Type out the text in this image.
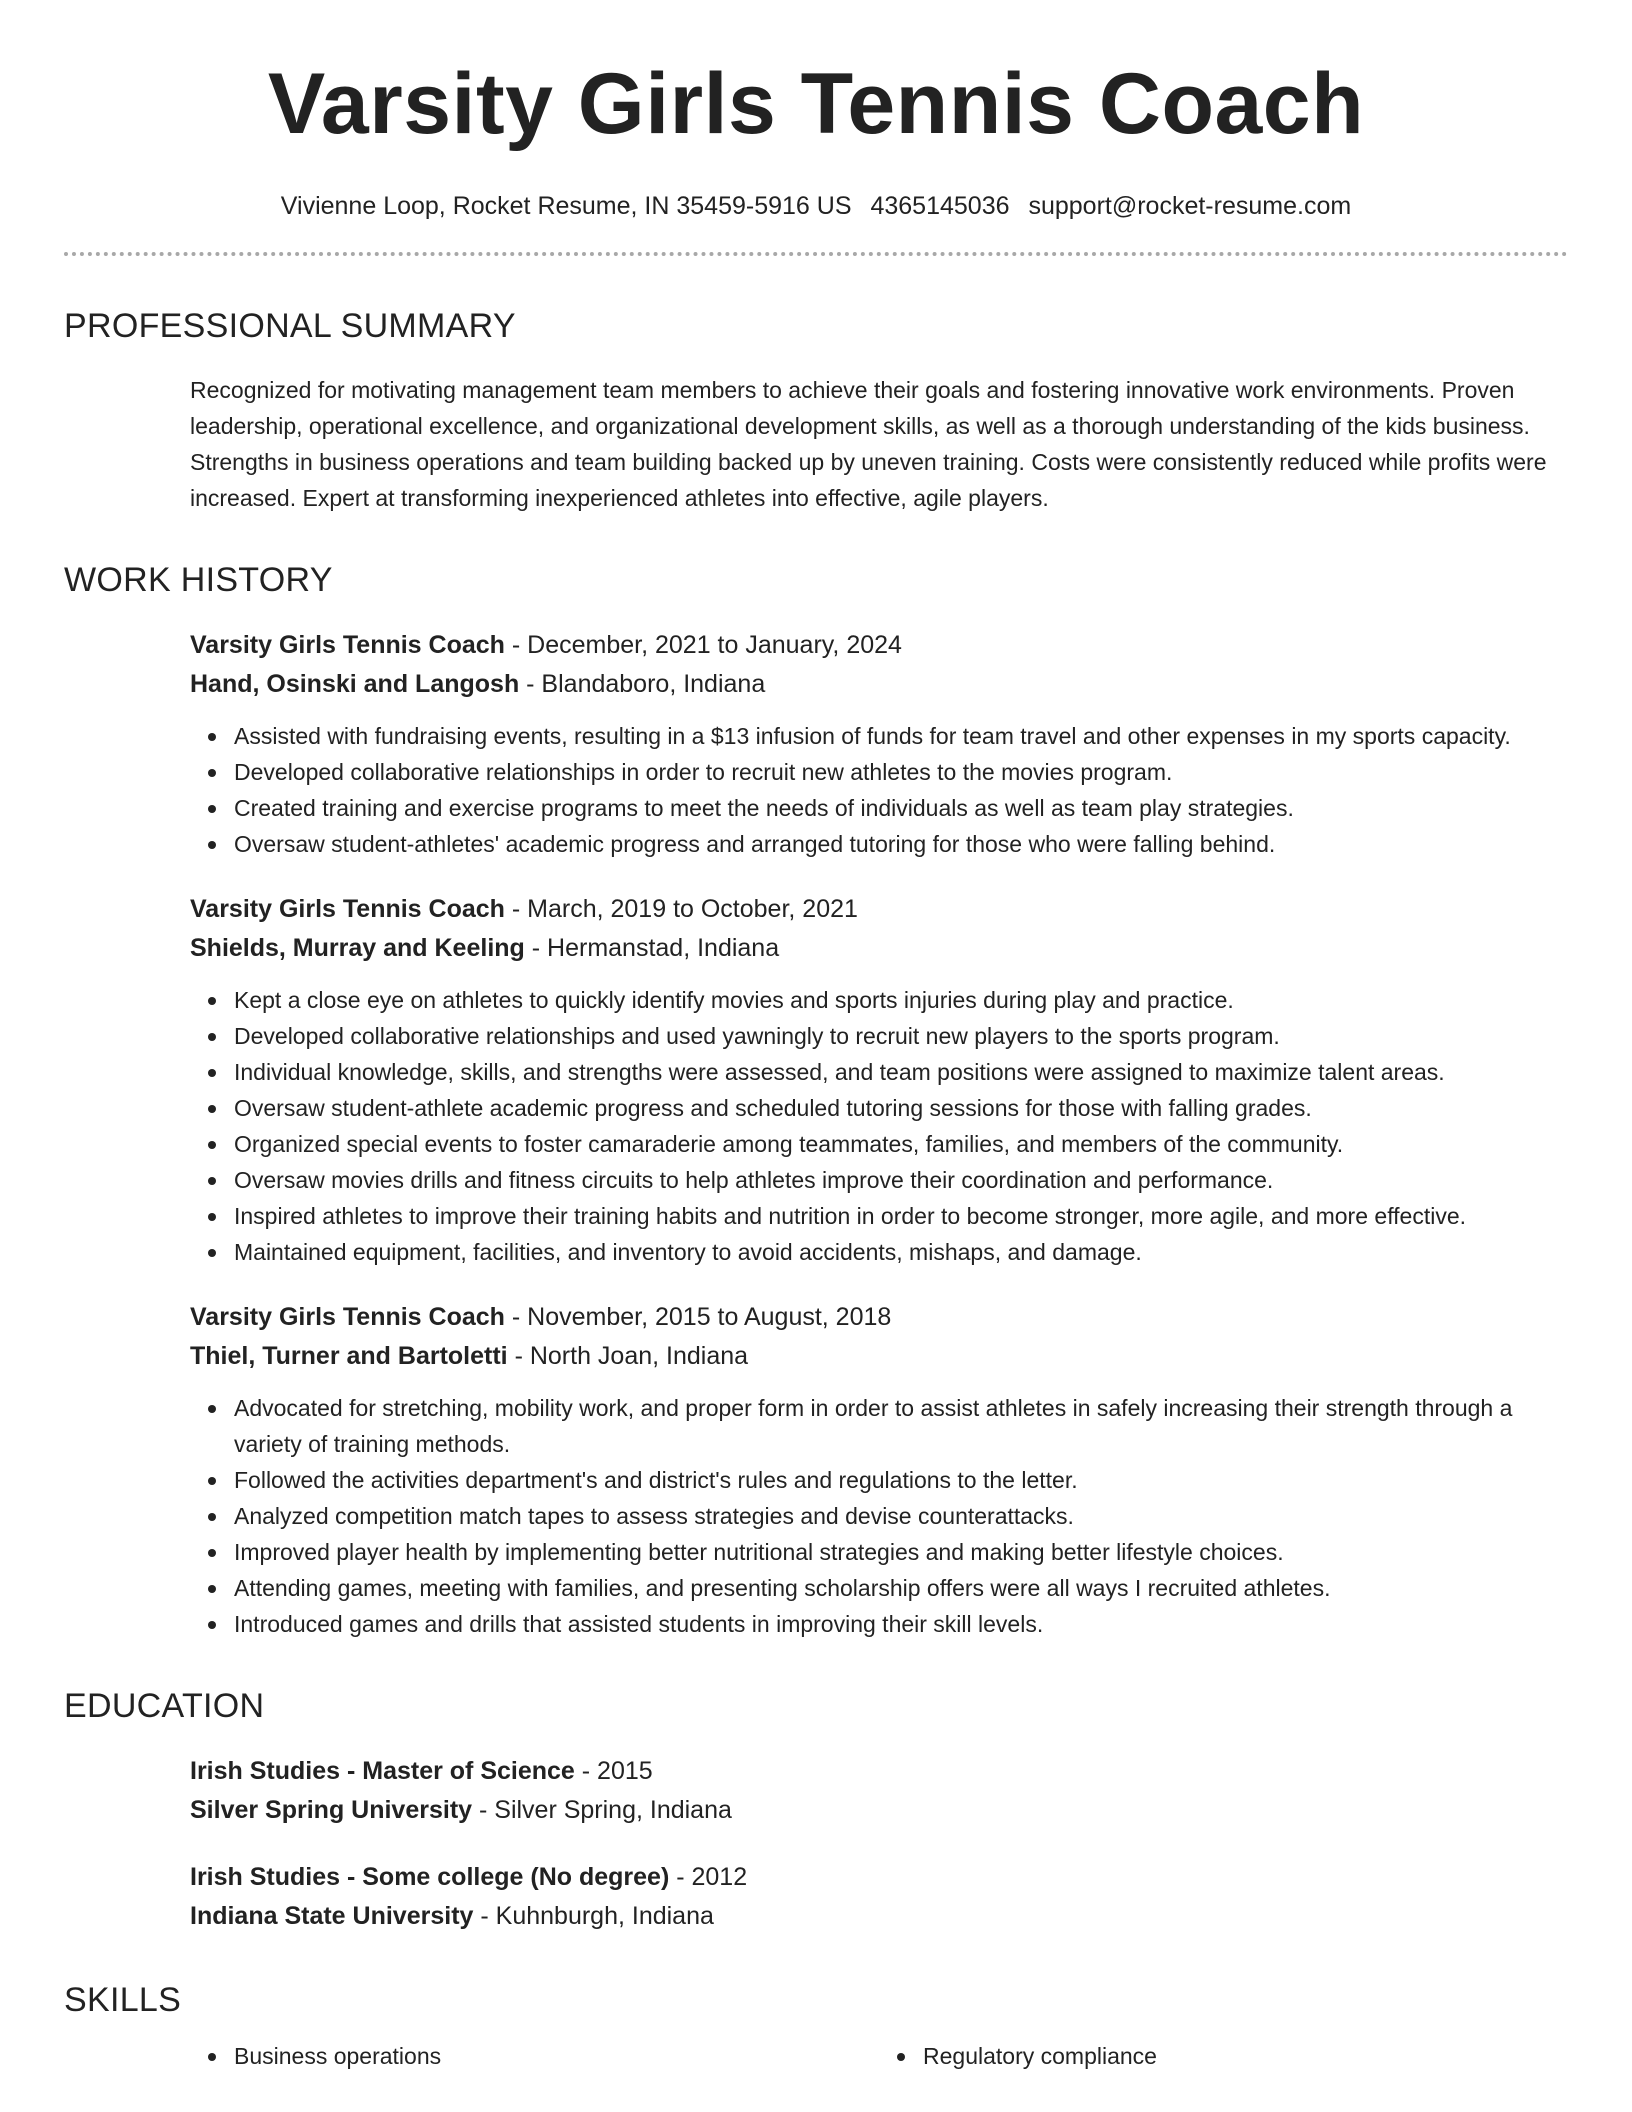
Varsity Girls Tennis Coach
Vivienne Loop, Rocket Resume, IN 35459-5916 US 4365145036 support@rocket-resume.com
PROFESSIONAL SUMMARY
Recognized for motivating management team members to achieve their goals and fostering innovative work environments. Proven leadership, operational excellence, and organizational development skills, as well as a thorough understanding of the kids business. Strengths in business operations and team building backed up by uneven training. Costs were consistently reduced while profits were increased. Expert at transforming inexperienced athletes into effective, agile players.
WORK HISTORY
Varsity Girls Tennis Coach - December, 2021 to January, 2024
Hand, Osinski and Langosh - Blandaboro, Indiana
Assisted with fundraising events, resulting in a $13 infusion of funds for team travel and other expenses in my sports capacity.
Developed collaborative relationships in order to recruit new athletes to the movies program.
Created training and exercise programs to meet the needs of individuals as well as team play strategies.
Oversaw student-athletes' academic progress and arranged tutoring for those who were falling behind.
Varsity Girls Tennis Coach - March, 2019 to October, 2021
Shields, Murray and Keeling - Hermanstad, Indiana
Kept a close eye on athletes to quickly identify movies and sports injuries during play and practice.
Developed collaborative relationships and used yawningly to recruit new players to the sports program.
Individual knowledge, skills, and strengths were assessed, and team positions were assigned to maximize talent areas.
Oversaw student-athlete academic progress and scheduled tutoring sessions for those with falling grades.
Organized special events to foster camaraderie among teammates, families, and members of the community.
Oversaw movies drills and fitness circuits to help athletes improve their coordination and performance.
Inspired athletes to improve their training habits and nutrition in order to become stronger, more agile, and more effective.
Maintained equipment, facilities, and inventory to avoid accidents, mishaps, and damage.
Varsity Girls Tennis Coach - November, 2015 to August, 2018
Thiel, Turner and Bartoletti - North Joan, Indiana
Advocated for stretching, mobility work, and proper form in order to assist athletes in safely increasing their strength through a variety of training methods.
Followed the activities department's and district's rules and regulations to the letter.
Analyzed competition match tapes to assess strategies and devise counterattacks.
Improved player health by implementing better nutritional strategies and making better lifestyle choices.
Attending games, meeting with families, and presenting scholarship offers were all ways I recruited athletes.
Introduced games and drills that assisted students in improving their skill levels.
EDUCATION
Irish Studies - Master of Science - 2015
Silver Spring University - Silver Spring, Indiana
Irish Studies - Some college (No degree) - 2012
Indiana State University - Kuhnburgh, Indiana
SKILLS
Business operations	Regulatory compliance
